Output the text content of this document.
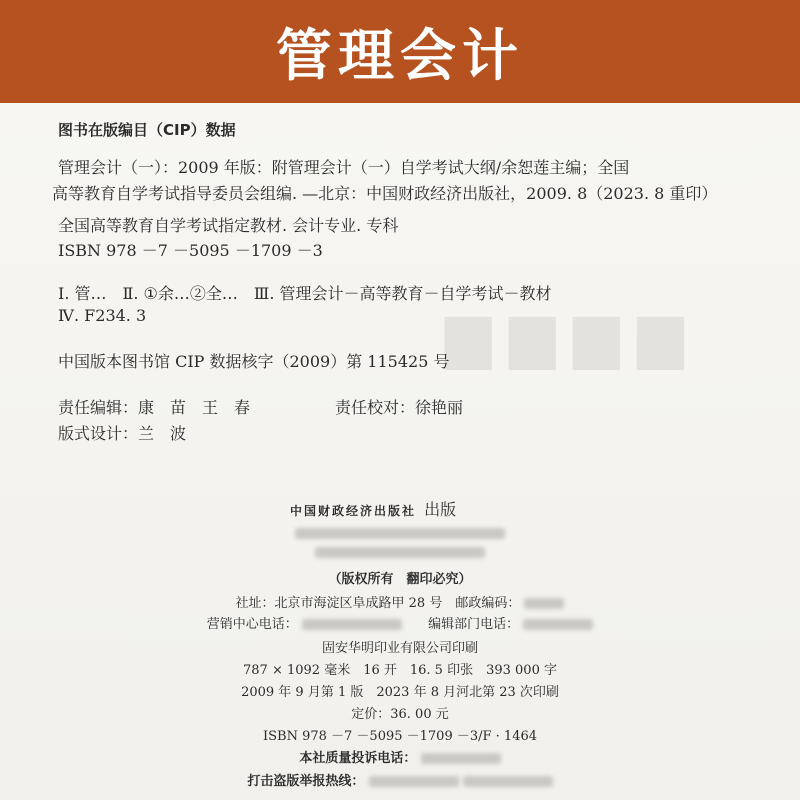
管理会计
▆▆▆▆
图书在版编目（CIP）数据
管理会计（一）：2009 年版：附管理会计（一）自学考试大纲/余恕莲主编；全国
高等教育自学考试指导委员会组编. —北京：中国财政经济出版社，2009. 8（2023. 8 重印）
全国高等教育自学考试指定教材. 会计专业. 专科
ISBN 978 －7 －5095 －1709 －3
Ⅰ. 管…　Ⅱ. ①余…②全…　Ⅲ. 管理会计－高等教育－自学考试－教材
Ⅳ. F234. 3
中国版本图书馆 CIP 数据核字（2009）第 115425 号
责任编辑：康　苗　王　春	责任校对：徐艳丽
版式设计：兰　波
中国财政经济出版社 出版
（版权所有　翻印必究）
社址：北京市海淀区阜成路甲 28 号　邮政编码：
营销中心电话：	编辑部门电话：
固安华明印业有限公司印刷
787 × 1092 毫米　16 开　16. 5 印张　393 000 字
2009 年 9 月第 1 版　2023 年 8 月河北第 23 次印刷
定价：36. 00 元
ISBN 978 －7 －5095 －1709 －3/F · 1464
本社质量投诉电话：
打击盗版举报热线：
